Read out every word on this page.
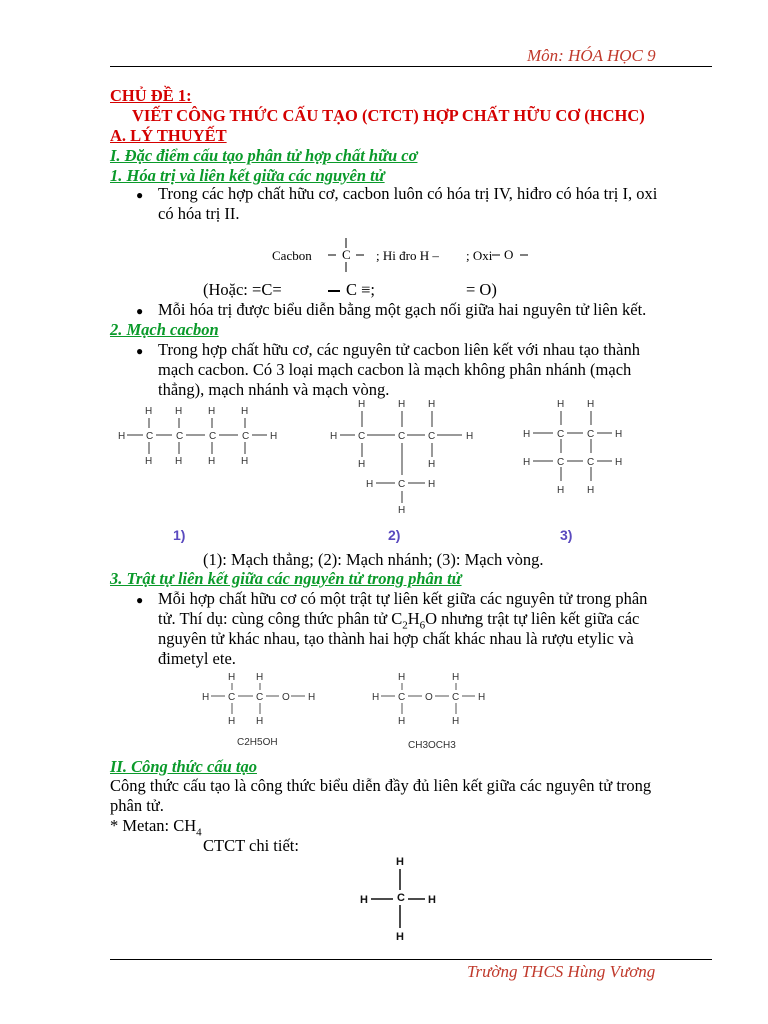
Môn: HÓA HỌC 9
CHỦ ĐỀ 1:
VIẾT CÔNG THỨC CẤU TẠO (CTCT) HỢP CHẤT HỮU CƠ (HCHC)
A. LÝ THUYẾT
I. Đặc điểm cấu tạo phân tử hợp chất hữu cơ
1. Hóa trị và liên kết giữa các nguyên tử
● Trong các hợp chất hữu cơ, cacbon luôn có hóa trị IV, hiđro có hóa trị I, oxi
có hóa trị II.
C	O
Cacbon	; Hi đro H – ; Oxi
(Hoặc: =C=	C ≡;	= O)
● Mỗi hóa trị được biểu diễn bằng một gạch nối giữa hai nguyên tử liên kết.
2. Mạch cacbon
● Trong hợp chất hữu cơ, các nguyên tử cacbon liên kết với nhau tạo thành
mạch cacbon. Có 3 loại mạch cacbon là mạch không phân nhánh (mạch
thẳng), mạch nhánh và mạch vòng.
H H	H	H
H H	H	H
H C C	C	C H
H	H H
H C	C C	H
H	H
H C H
H
H H
H	C C H
H	C C H
H H
1)	2)	3)
(1): Mạch thẳng; (2): Mạch nhánh; (3): Mạch vòng.
3. Trật tự liên kết giữa các nguyên tử trong phân tử
● Mỗi hợp chất hữu cơ có một trật tự liên kết giữa các nguyên tử trong phân
tử. Thí dụ: cùng công thức phân tử $C_2H_6O$ nhưng trật tự liên kết giữa các
nguyên tử khác nhau, tạo thành hai hợp chất khác nhau là rượu etylic và
đimetyl ete.
H H
H C C O H
H H
C2H5OH
H	H
H C O C H
H	H
CH3OCH3
II. Công thức cấu tạo
Công thức cấu tạo là công thức biểu diễn đầy đủ liên kết giữa các nguyên tử trong
phân tử.
* Metan: $CH_4$
CTCT chi tiết:
H
H	C H
H
Trường THCS Hùng Vương
